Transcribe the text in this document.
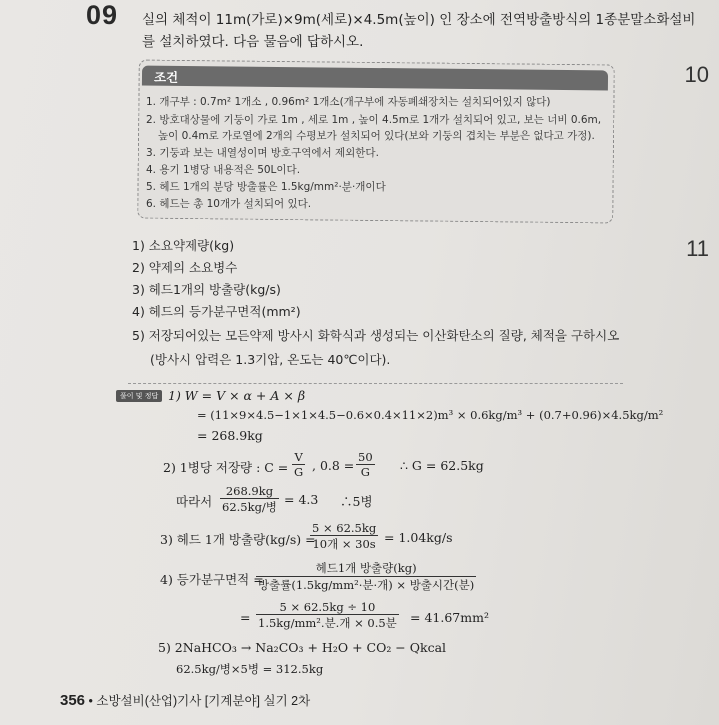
09 실의 체적이 11m(가로)×9m(세로)×4.5m(높이) 인 장소에 전역방출방식의 1종분말소화설비
를 설치하였다. 다음 물음에 답하시오.
10
11
조건
1. 개구부 : 0.7m² 1개소 , 0.96m² 1개소(개구부에 자동폐쇄장치는 설치되어있지 않다)
2. 방호대상물에 기둥이 가로 1m , 세로 1m , 높이 4.5m로 1개가 설치되어 있고, 보는 너비 0.6m,
높이 0.4m로 가로열에 2개의 수평보가 설치되어 있다(보와 기둥의 겹치는 부분은 없다고 가정).
3. 기둥과 보는 내열성이며 방호구역에서 제외한다.
4. 용기 1병당 내용적은 50L이다.
5. 헤드 1개의 분당 방출률은 1.5kg/mm²·분·개이다
6. 헤드는 총 10개가 설치되어 있다.
1) 소요약제량(kg)
2) 약제의 소요병수
3) 헤드1개의 방출량(kg/s)
4) 헤드의 등가분구면적(mm²)
5) 저장되어있는 모든약제 방사시 화학식과 생성되는 이산화탄소의 질량, 체적을 구하시오
(방사시 압력은 1.3기압, 온도는 40℃이다).
풀이 및 정답 1) W = V × α + A × β
= (11×9×4.5−1×1×4.5−0.6×0.4×11×2)m³ × 0.6kg/m³ + (0.7+0.96)×4.5kg/m²
= 268.9kg
2) 1병당 저장량 : $C = \frac{V}{G}$ , $0.8 = \frac{50}{G}$ ∴ G = 62.5kg
따라서
268.9kg
62.5kg/병 = 4.3 ∴5병
3) 헤드 1개 방출량(kg/s) =
5 × 62.5kg
10개 × 30s = 1.04kg/s
4) 등가분구면적 =
헤드1개 방출량(kg)
방출률(1.5kg/mm²·분·개) × 방출시간(분)
=
5 × 62.5kg ÷ 10
1.5kg/mm².분.개 × 0.5분 = 41.67mm²
5) 2NaHCO₃ → Na₂CO₃ + H₂O + CO₂ − Qkcal
62.5kg/병×5병 = 312.5kg
356 • 소방설비(산업)기사 [기계분야] 실기 2차
